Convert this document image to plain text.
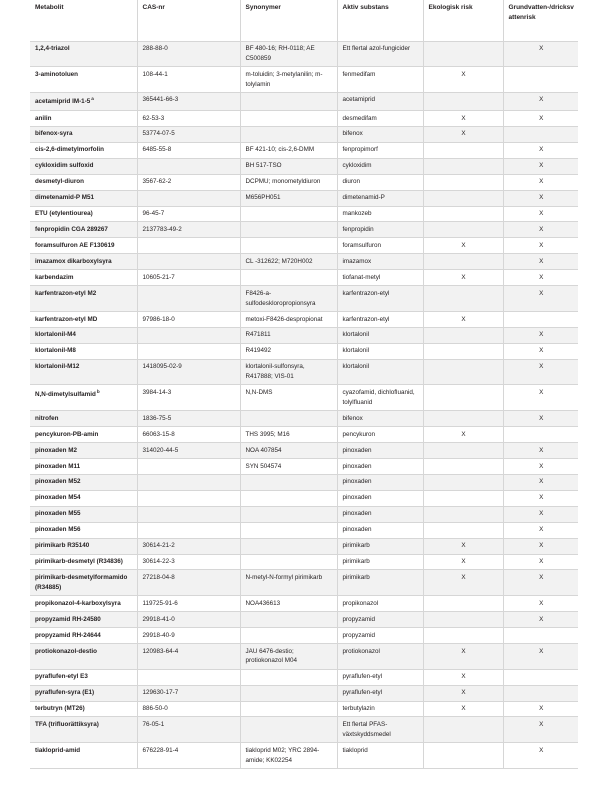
Metabolit	CAS-nr	Synonymer	Aktiv substans	Ekologisk risk	Grundvatten-/dricksvattenrisk
1,2,4-triazol	288-88-0	BF 480-16; RH-0118; AE C500859	Ett flertal azol-fungicider		X
3-aminotoluen	108-44-1	m-toluidin; 3-metylanilin; m-tolylamin	fenmedifam	X	
acetamiprid IM-1-5$^a$	365441-66-3		acetamiprid		X
anilin	62-53-3		desmedifam	X	X
bifenox-syra	53774-07-5		bifenox	X	
cis-2,6-dimetylmorfolin	6485-55-8	BF 421-10; cis-2,6-DMM	fenpropimorf		X
cykloxidim sulfoxid		BH 517-TSO	cykloxidim		X
desmetyl-diuron	3567-62-2	DCPMU; monometyldiuron	diuron		X
dimetenamid-P M51		M656PH051	dimetenamid-P		X
ETU (etylentiourea)	96-45-7		mankozeb		X
fenpropidin CGA 289267	2137783-49-2		fenpropidin		X
foramsulfuron AE F130619			foramsulfuron	X	X
imazamox dikarboxylsyra		CL -312622; M720H002	imazamox		X
karbendazim	10605-21-7		tiofanat-metyl	X	X
karfentrazon-etyl M2		F8426-a-sulfodeskloropropionsyra	karfentrazon-etyl		X
karfentrazon-etyl MD	97986-18-0	metoxi-F8426-despropionat	karfentrazon-etyl	X	
klortalonil-M4		R471811	klortalonil		X
klortalonil-M8		R419492	klortalonil		X
klortalonil-M12	1418095-02-9	klortalonil-sulfonsyra, R417888; VIS-01	klortalonil		X
N,N-dimetylsulfamid$^b$	3984-14-3	N,N-DMS	cyazofamid, dichlofluanid, tolylfluanid		X
nitrofen	1836-75-5		bifenox		X
pencykuron-PB-amin	66063-15-8	THS 3995; M16	pencykuron	X	
pinoxaden M2	314020-44-5	NOA 407854	pinoxaden		X
pinoxaden M11		SYN 504574	pinoxaden		X
pinoxaden M52			pinoxaden		X
pinoxaden M54			pinoxaden		X
pinoxaden M55			pinoxaden		X
pinoxaden M56			pinoxaden		X
pirimikarb R35140	30614-21-2		pirimikarb	X	X
pirimikarb-desmetyl (R34836)	30614-22-3		pirimikarb	X	X
pirimikarb-desmetylformamido (R34885)	27218-04-8	N-metyl-N-formyl pirimikarb	pirimikarb	X	X
propikonazol-4-karboxylsyra	119725-91-6	NOA436613	propikonazol		X
propyzamid RH-24580	29918-41-0		propyzamid		X
propyzamid RH-24644	29918-40-9		propyzamid		
protiokonazol-destio	120983-64-4	JAU 6476-destio; protiokonazol M04	protiokonazol	X	X
pyraflufen-etyl E3			pyraflufen-etyl	X	
pyraflufen-syra (E1)	129630-17-7		pyraflufen-etyl	X	
terbutryn (MT26)	886-50-0		terbutylazin	X	X
TFA (trifluorättiksyra)	76-05-1		Ett flertal PFAS-växtskyddsmedel		X
tiakloprid-amid	676228-91-4	tiakloprid M02; YRC 2894-amide; KK02254	tiakloprid		X
